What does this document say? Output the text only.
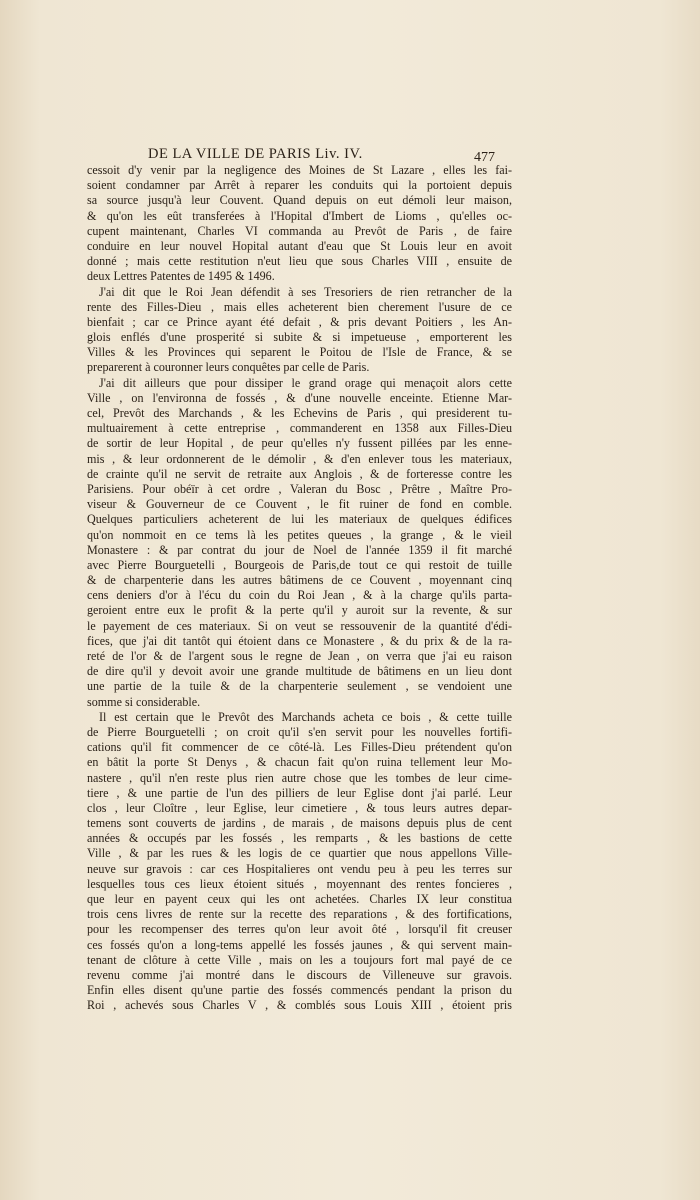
DE LA VILLE DE PARIS Liv. IV.	477
cessoit d'y venir par la negligence des Moines de St Lazare , elles les fai-
soient condamner par Arrêt à reparer les conduits qui la portoient depuis
sa source jusqu'à leur Couvent. Quand depuis on eut démoli leur maison,
& qu'on les eût transferées à l'Hopital d'Imbert de Lioms , qu'elles oc-
cupent maintenant, Charles VI commanda au Prevôt de Paris , de faire
conduire en leur nouvel Hopital autant d'eau que St Louis leur en avoit
donné ; mais cette restitution n'eut lieu que sous Charles VIII , ensuite de
deux Lettres Patentes de 1495 & 1496.
J'ai dit que le Roi Jean défendit à ses Tresoriers de rien retrancher de la
rente des Filles-Dieu , mais elles acheterent bien cherement l'usure de ce
bienfait ; car ce Prince ayant été defait , & pris devant Poitiers , les An-
glois enflés d'une prosperité si subite & si impetueuse , emporterent les
Villes & les Provinces qui separent le Poitou de l'Isle de France, & se
preparerent à couronner leurs conquêtes par celle de Paris.
J'ai dit ailleurs que pour dissiper le grand orage qui menaçoit alors cette
Ville , on l'environna de fossés , & d'une nouvelle enceinte. Etienne Mar-
cel, Prevôt des Marchands , & les Echevins de Paris , qui presiderent tu-
multuairement à cette entreprise , commanderent en 1358 aux Filles-Dieu
de sortir de leur Hopital , de peur qu'elles n'y fussent pillées par les enne-
mis , & leur ordonnerent de le démolir , & d'en enlever tous les materiaux,
de crainte qu'il ne servit de retraite aux Anglois , & de forteresse contre les
Parisiens. Pour obéïr à cet ordre , Valeran du Bosc , Prêtre , Maître Pro-
viseur & Gouverneur de ce Couvent , le fit ruiner de fond en comble.
Quelques particuliers acheterent de lui les materiaux de quelques édifices
qu'on nommoit en ce tems là les petites queues , la grange , & le vieil
Monastere : & par contrat du jour de Noel de l'année 1359 il fit marché
avec Pierre Bourguetelli , Bourgeois de Paris,de tout ce qui restoit de tuille
& de charpenterie dans les autres bâtimens de ce Couvent , moyennant cinq
cens deniers d'or à l'écu du coin du Roi Jean , & à la charge qu'ils parta-
geroient entre eux le profit & la perte qu'il y auroit sur la revente, & sur
le payement de ces materiaux. Si on veut se ressouvenir de la quantité d'édi-
fices, que j'ai dit tantôt qui étoient dans ce Monastere , & du prix & de la ra-
reté de l'or & de l'argent sous le regne de Jean , on verra que j'ai eu raison
de dire qu'il y devoit avoir une grande multitude de bâtimens en un lieu dont
une partie de la tuile & de la charpenterie seulement , se vendoient une
somme si considerable.
Il est certain que le Prevôt des Marchands acheta ce bois , & cette tuille
de Pierre Bourguetelli ; on croit qu'il s'en servit pour les nouvelles fortifi-
cations qu'il fit commencer de ce côté-là. Les Filles-Dieu prétendent qu'on
en bâtit la porte St Denys , & chacun fait qu'on ruina tellement leur Mo-
nastere , qu'il n'en reste plus rien autre chose que les tombes de leur cime-
tiere , & une partie de l'un des pilliers de leur Eglise dont j'ai parlé. Leur
clos , leur Cloître , leur Eglise, leur cimetiere , & tous leurs autres depar-
temens sont couverts de jardins , de marais , de maisons depuis plus de cent
années & occupés par les fossés , les remparts , & les bastions de cette
Ville , & par les rues & les logis de ce quartier que nous appellons Ville-
neuve sur gravois : car ces Hospitalieres ont vendu peu à peu les terres sur
lesquelles tous ces lieux étoient situés , moyennant des rentes foncieres ,
que leur en payent ceux qui les ont achetées. Charles IX leur constitua
trois cens livres de rente sur la recette des reparations , & des fortifications,
pour les recompenser des terres qu'on leur avoit ôté , lorsqu'il fit creuser
ces fossés qu'on a long-tems appellé les fossés jaunes , & qui servent main-
tenant de clôture à cette Ville , mais on les a toujours fort mal payé de ce
revenu comme j'ai montré dans le discours de Villeneuve sur gravois.
Enfin elles disent qu'une partie des fossés commencés pendant la prison du
Roi , achevés sous Charles V , & comblés sous Louis XIII , étoient pris
